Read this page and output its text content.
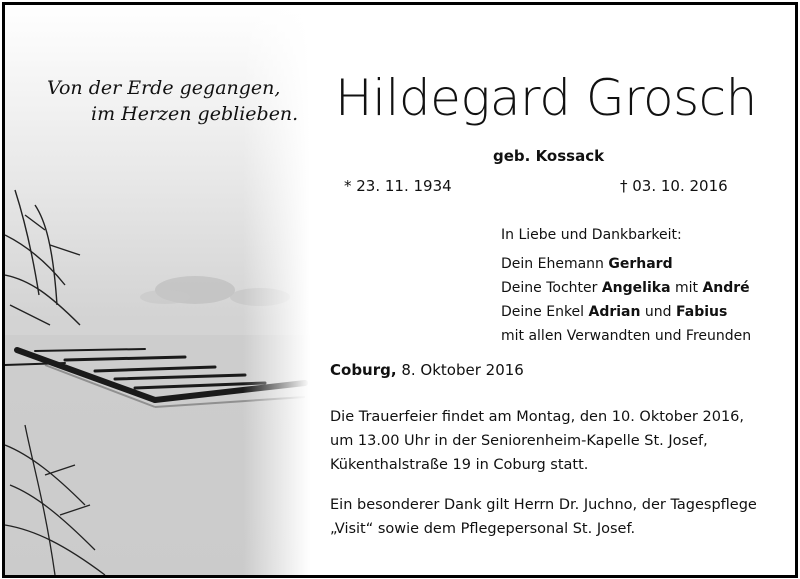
Von der Erde gegangen,
im Herzen geblieben. Hildegard Grosch
geb. Kossack
* 23. 11. 1934	† 03. 10. 2016
In Liebe und Dankbarkeit:
Dein Ehemann Gerhard
Deine Tochter Angelika mit André
Deine Enkel Adrian und Fabius
mit allen Verwandten und Freunden
Coburg, 8. Oktober 2016
Die Trauerfeier findet am Montag, den 10. Oktober 2016,
um 13.00 Uhr in der Seniorenheim-Kapelle St. Josef,
Kükenthalstraße 19 in Coburg statt.
Ein besonderer Dank gilt Herrn Dr. Juchno, der Tagespflege
„Visit“ sowie dem Pflegepersonal St. Josef.
